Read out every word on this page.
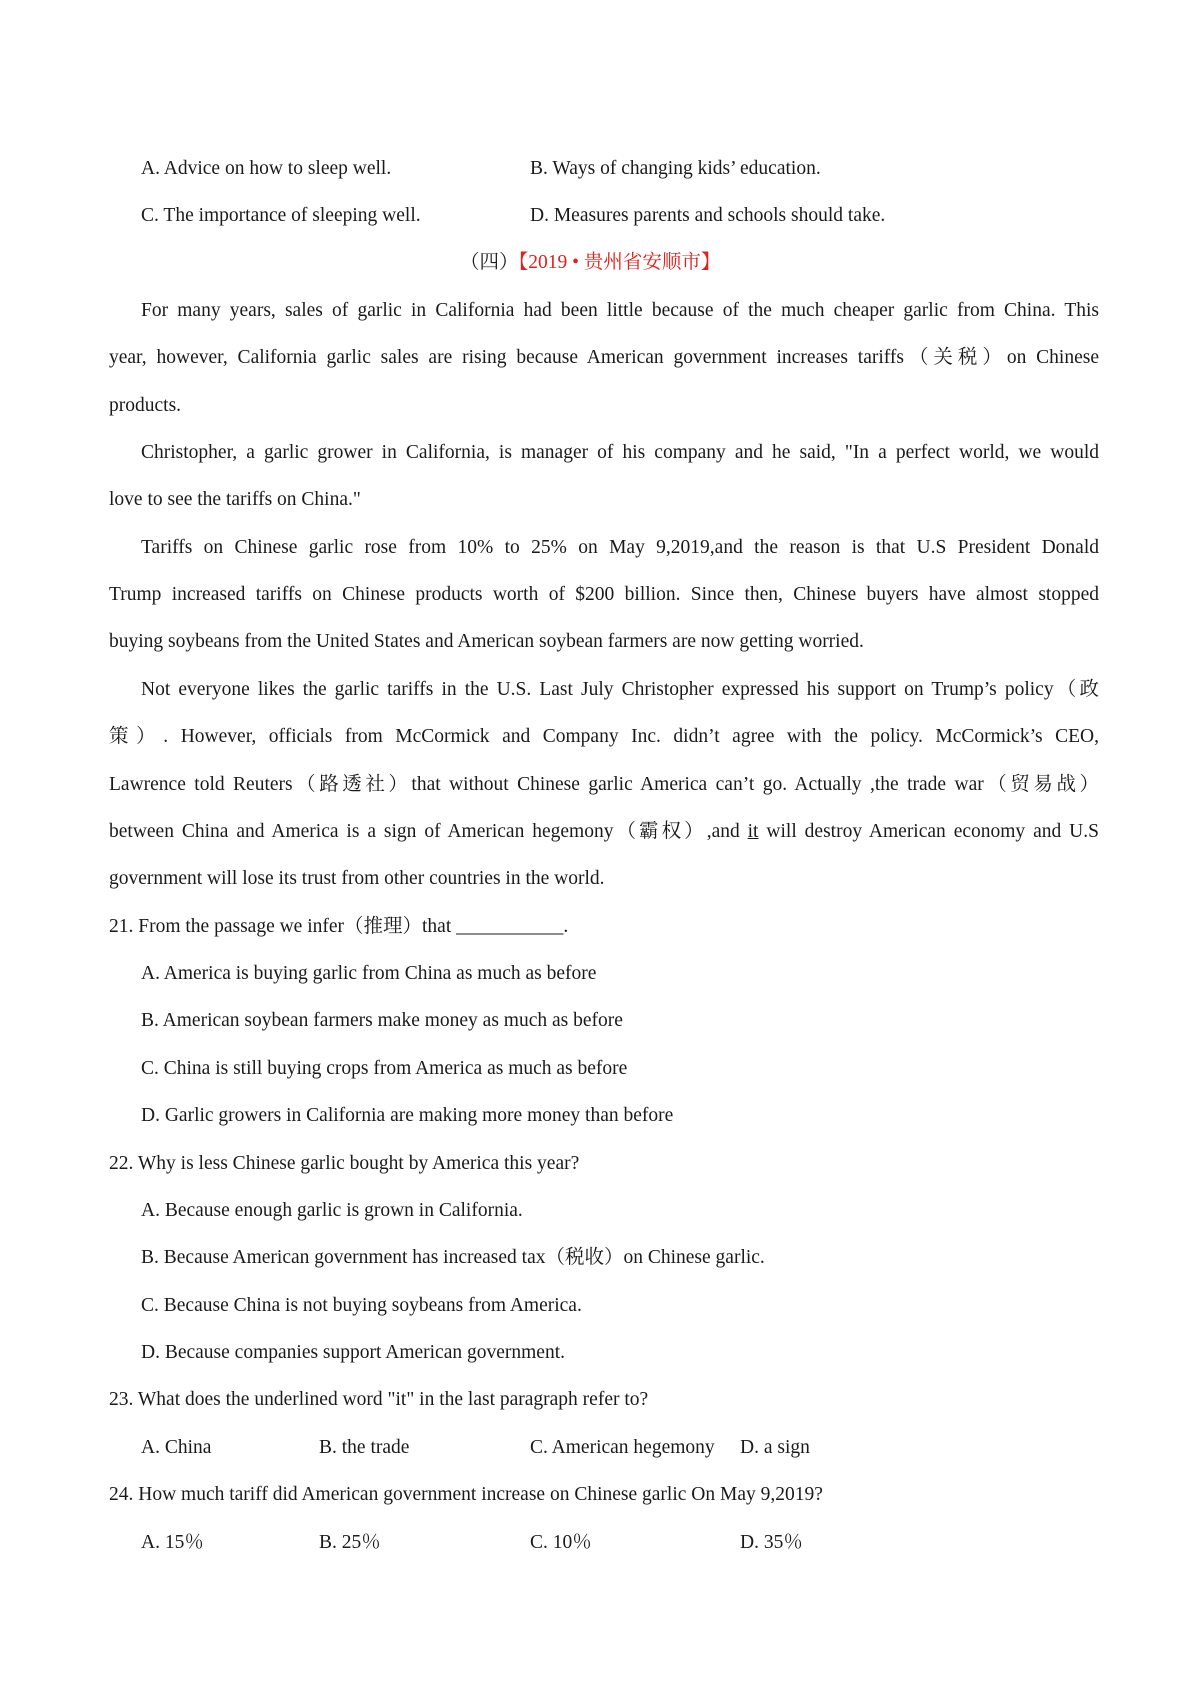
A. Advice on how to sleep well.	B. Ways of changing kids’ education.
C. The importance of sleeping well.	D. Measures parents and schools should take.
（四）【2019 • 贵州省安顺市】
For many years, sales of garlic in California had been little because of the much cheaper garlic from China. This
year, however, California garlic sales are rising because American government increases tariffs（关税）on Chinese
products.
Christopher, a garlic grower in California, is manager of his company and he said, "In a perfect world, we would
love to see the tariffs on China."
Tariffs on Chinese garlic rose from 10% to 25% on May 9,2019,and the reason is that U.S President Donald
Trump increased tariffs on Chinese products worth of $200 billion. Since then, Chinese buyers have almost stopped
buying soybeans from the United States and American soybean farmers are now getting worried.
Not everyone likes the garlic tariffs in the U.S. Last July Christopher expressed his support on Trump’s policy（政
策）. However, officials from McCormick and Company Inc. didn’t agree with the policy. McCormick’s CEO,
Lawrence told Reuters（路透社）that without Chinese garlic America can’t go. Actually ,the trade war（贸易战）
between China and America is a sign of American hegemony（霸权）,and it will destroy American economy and U.S
government will lose its trust from other countries in the world.
21. From the passage we infer（推理）that ___________.
A. America is buying garlic from China as much as before
B. American soybean farmers make money as much as before
C. China is still buying crops from America as much as before
D. Garlic growers in California are making more money than before
22. Why is less Chinese garlic bought by America this year?
A. Because enough garlic is grown in California.
B. Because American government has increased tax（税收）on Chinese garlic.
C. Because China is not buying soybeans from America.
D. Because companies support American government.
23. What does the underlined word "it" in the last paragraph refer to?
A. China	B. the trade	C. American hegemony D. a sign
24. How much tariff did American government increase on Chinese garlic On May 9,2019?
A. 15％	B. 25％	C. 10％	D. 35％
